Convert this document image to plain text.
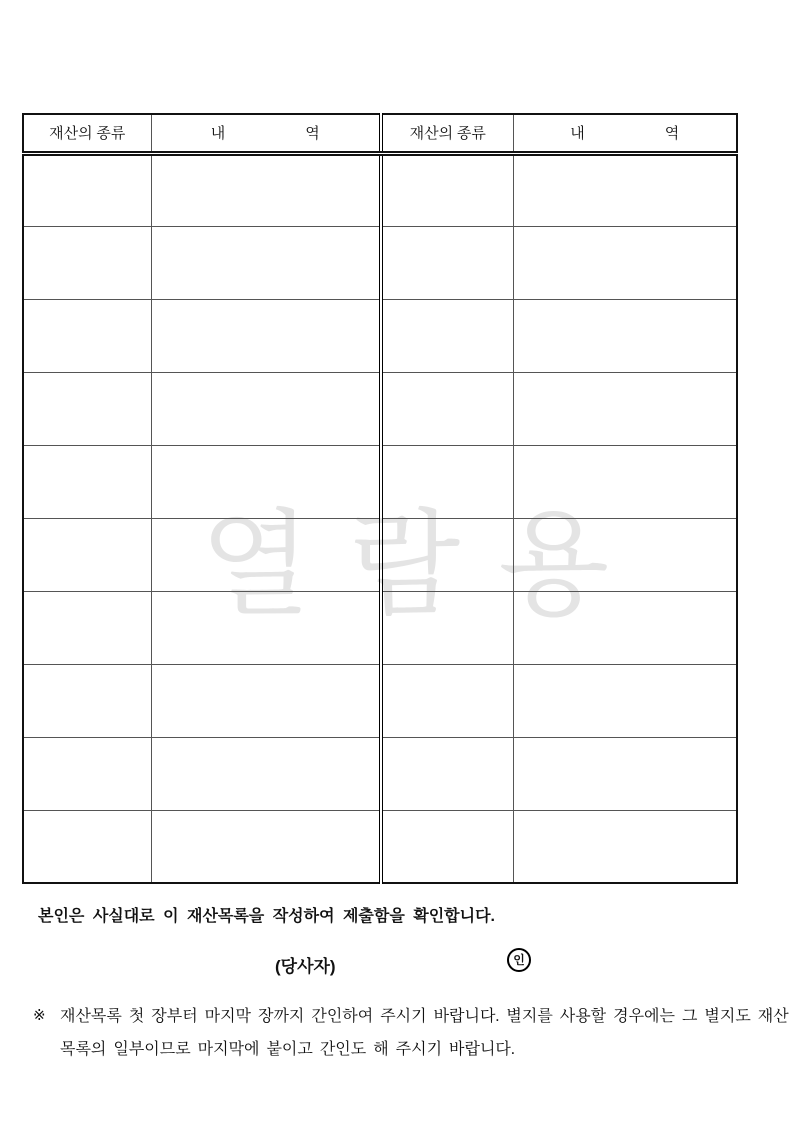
열람용
재산의 종류	내 역	재산의 종류	내 역

본인은 사실대로 이 재산목록을 작성하여 제출함을 확인합니다.
(당사자)	인
※ 재산목록 첫 장부터 마지막 장까지 간인하여 주시기 바랍니다. 별지를 사용할 경우에는 그 별지도 재산
목록의 일부이므로 마지막에 붙이고 간인도 해 주시기 바랍니다.
